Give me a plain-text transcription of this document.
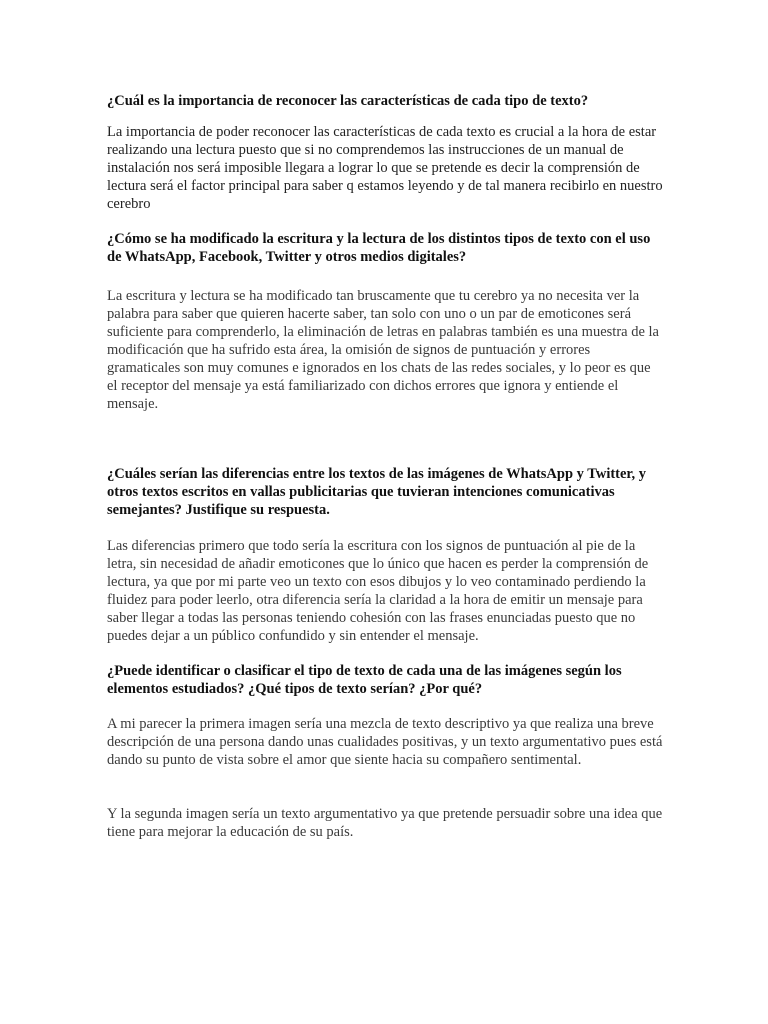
¿Cuál es la importancia de reconocer las características de cada tipo de texto?

La importancia de poder reconocer las características de cada texto es crucial a la hora de estar realizando una lectura puesto que si no comprendemos las instrucciones de un manual de instalación nos será imposible llegara a lograr lo que se pretende es decir la comprensión de lectura será el factor principal para saber q estamos leyendo y de tal manera recibirlo en nuestro cerebro

¿Cómo se ha modificado la escritura y la lectura de los distintos tipos de texto con el uso de WhatsApp, Facebook, Twitter y otros medios digitales?

La escritura y lectura se ha modificado tan bruscamente que tu cerebro ya no necesita ver la palabra para saber que quieren hacerte saber, tan solo con uno o un par de emoticones será suficiente para comprenderlo, la eliminación de letras en palabras también es una muestra de la modificación que ha sufrido esta área, la omisión de signos de puntuación y errores gramaticales son muy comunes e ignorados en los chats de las redes sociales, y lo peor es que el receptor del mensaje ya está familiarizado con dichos errores que ignora y entiende el mensaje.

¿Cuáles serían las diferencias entre los textos de las imágenes de WhatsApp y Twitter, y otros textos escritos en vallas publicitarias que tuvieran intenciones comunicativas semejantes? Justifique su respuesta.

Las diferencias primero que todo sería la escritura con los signos de puntuación al pie de la letra, sin necesidad de añadir emoticones que lo único que hacen es perder la comprensión de lectura, ya que por mi parte veo un texto con esos dibujos y lo veo contaminado perdiendo la fluidez para poder leerlo, otra diferencia sería la claridad a la hora de emitir un mensaje para saber llegar a todas las personas teniendo cohesión con las frases enunciadas puesto que no puedes dejar a un público confundido y sin entender el mensaje.

¿Puede identificar o clasificar el tipo de texto de cada una de las imágenes según los elementos estudiados? ¿Qué tipos de texto serían? ¿Por qué?

A mi parecer la primera imagen sería una mezcla de texto descriptivo ya que realiza una breve descripción de una persona dando unas cualidades positivas, y un texto argumentativo pues está dando su punto de vista sobre el amor que siente hacia su compañero sentimental.

Y la segunda imagen sería un texto argumentativo ya que pretende persuadir sobre una idea que tiene para mejorar la educación de su país.
